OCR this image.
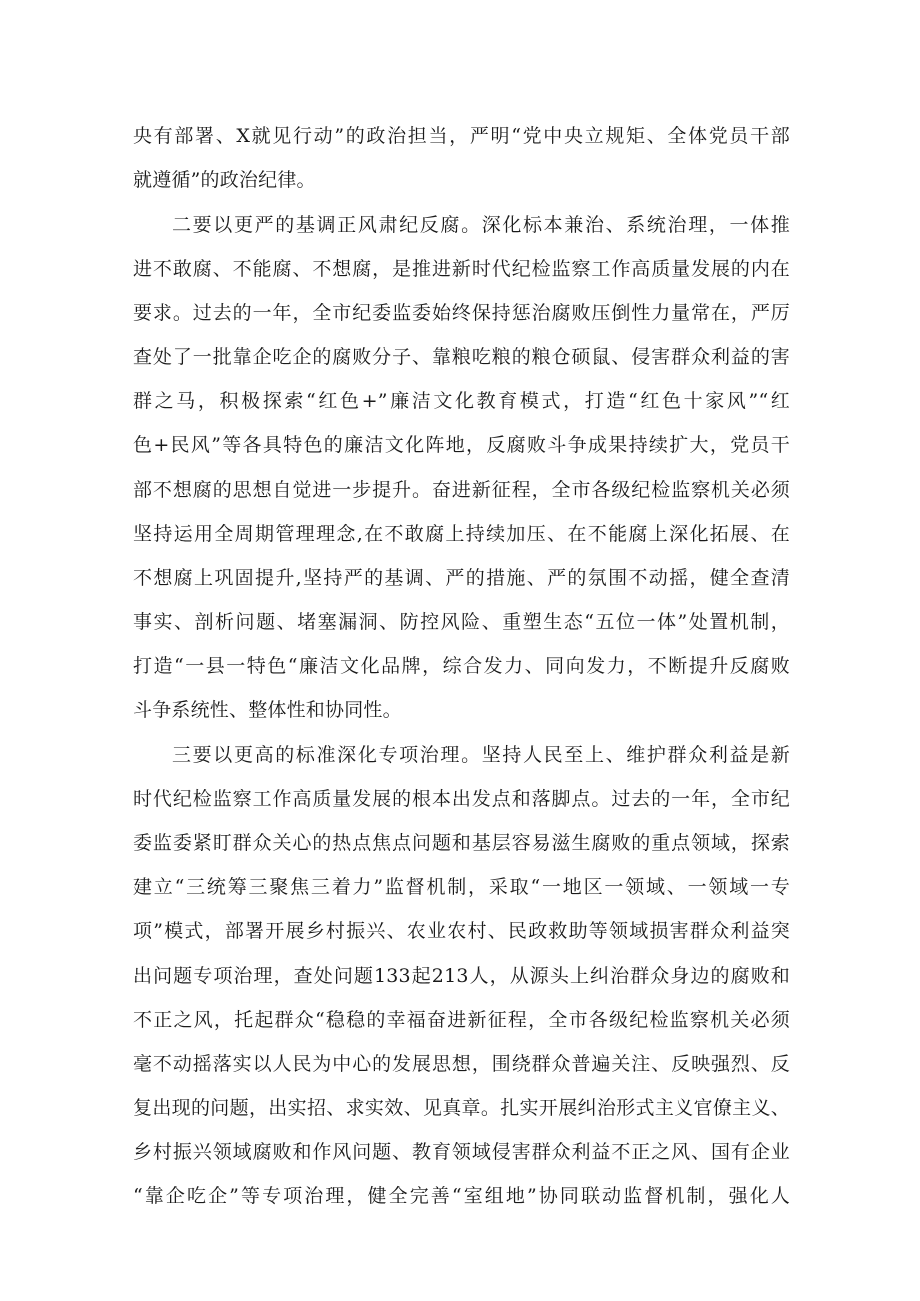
央有部署、X就见行动”的政治担当，严明“党中央立规矩、全体党员干部
就遵循”的政治纪律。
二要以更严的基调正风肃纪反腐。深化标本兼治、系统治理，一体推
进不敢腐、不能腐、不想腐，是推进新时代纪检监察工作高质量发展的内在
要求。过去的一年，全市纪委监委始终保持惩治腐败压倒性力量常在，严厉
查处了一批靠企吃企的腐败分子、靠粮吃粮的粮仓硕鼠、侵害群众利益的害
群之马，积极探索“红色+”廉洁文化教育模式，打造“红色十家风”“红
色+民风”等各具特色的廉洁文化阵地，反腐败斗争成果持续扩大，党员干
部不想腐的思想自觉进一步提升。奋进新征程，全市各级纪检监察机关必须
坚持运用全周期管理理念,在不敢腐上持续加压、在不能腐上深化拓展、在
不想腐上巩固提升,坚持严的基调、严的措施、严的氛围不动摇，健全查清
事实、剖析问题、堵塞漏洞、防控风险、重塑生态“五位一体”处置机制，
打造“一县一特色“廉洁文化品牌，综合发力、同向发力，不断提升反腐败
斗争系统性、整体性和协同性。
三要以更高的标准深化专项治理。坚持人民至上、维护群众利益是新
时代纪检监察工作高质量发展的根本出发点和落脚点。过去的一年，全市纪
委监委紧盯群众关心的热点焦点问题和基层容易滋生腐败的重点领域，探索
建立“三统筹三聚焦三着力”监督机制，采取“一地区一领域、一领域一专
项”模式，部署开展乡村振兴、农业农村、民政救助等领域损害群众利益突
出问题专项治理，查处问题133起213人，从源头上纠治群众身边的腐败和
不正之风，托起群众“稳稳的幸福奋进新征程，全市各级纪检监察机关必须
毫不动摇落实以人民为中心的发展思想，围绕群众普遍关注、反映强烈、反
复出现的问题，出实招、求实效、见真章。扎实开展纠治形式主义官僚主义、
乡村振兴领域腐败和作风问题、教育领域侵害群众利益不正之风、国有企业
“靠企吃企”等专项治理，健全完善“室组地”协同联动监督机制，强化人
